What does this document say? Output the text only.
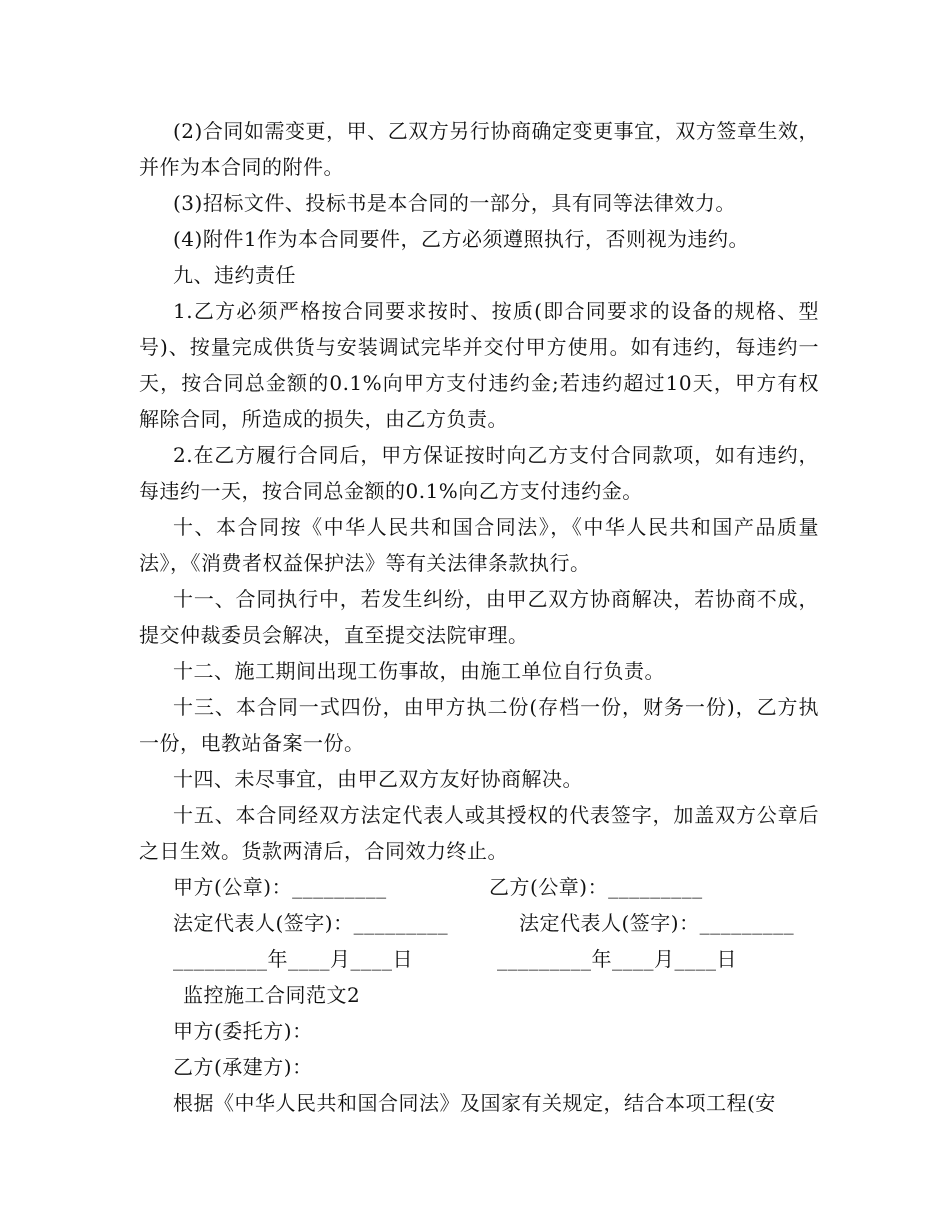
(2)合同如需变更，甲、乙双方另行协商确定变更事宜，双方签章生效，并作为本合同的附件。

(3)招标文件、投标书是本合同的一部分，具有同等法律效力。

(4)附件1作为本合同要件，乙方必须遵照执行，否则视为违约。

九、违约责任

1.乙方必须严格按合同要求按时、按质(即合同要求的设备的规格、型号)、按量完成供货与安装调试完毕并交付甲方使用。如有违约，每违约一天，按合同总金额的0.1%向甲方支付违约金;若违约超过10天，甲方有权解除合同，所造成的损失，由乙方负责。

2.在乙方履行合同后，甲方保证按时向乙方支付合同款项，如有违约，每违约一天，按合同总金额的0.1%向乙方支付违约金。

十、本合同按《中华人民共和国合同法》，《中华人民共和国产品质量法》，《消费者权益保护法》等有关法律条款执行。

十一、合同执行中，若发生纠纷，由甲乙双方协商解决，若协商不成，提交仲裁委员会解决，直至提交法院审理。

十二、施工期间出现工伤事故，由施工单位自行负责。

十三、本合同一式四份，由甲方执二份(存档一份，财务一份)，乙方执一份，电教站备案一份。

十四、未尽事宜，由甲乙双方友好协商解决。

十五、本合同经双方法定代表人或其授权的代表签字，加盖双方公章后之日生效。货款两清后，合同效力终止。

甲方(公章)：_________	乙方(公章)：_________
法定代表人(签字)：_________	法定代表人(签字)：_________
_________年____月____日	_________年____月____日

监控施工合同范文2

甲方(委托方)：

乙方(承建方)：

根据《中华人民共和国合同法》及国家有关规定，结合本项工程(安
